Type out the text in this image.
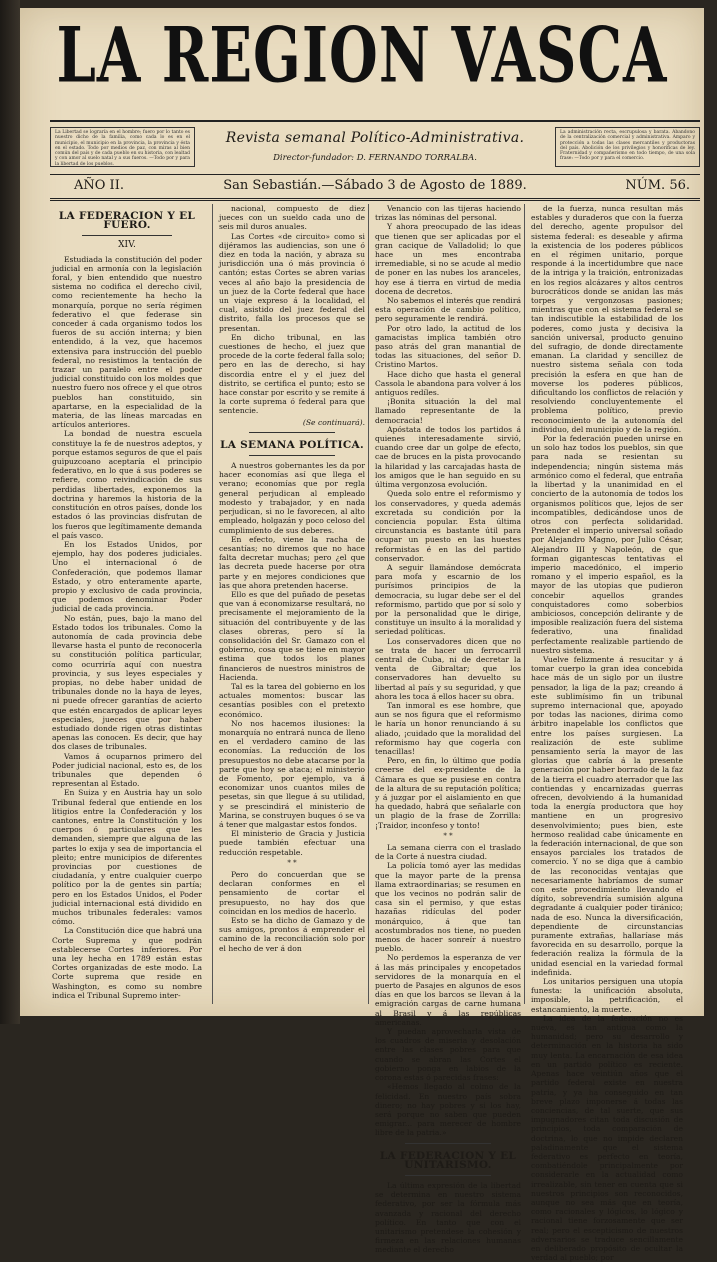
LA REGION VASCA
La Libertad se lograría en el hombre; fuero por lo tanto es nuestro dicho de la familia, como cada lo es en el municipio, el municipio en la provincia, la provincia y ésta en el estado. Todo por medios de paz, con miras al bien común del país y de cada pueblo en su historia, con lealtad y con amor al suelo natal y a sus fueros. —Todo por y para la libertad de los pueblos.
Revista semanal Político-Administrativa.
Director-fundador: D. FERNANDO TORRALBA.
La administración recta, escrupulosa y barata. Abandono de la centralización comercial y administrativa. Amparo y protección a todas las clases mercantiles y productoras del país. Abolición de los privilegios y honorificas de ley. Fraternidad y compañerismo en todo tiempo, de una sola frase: —Todo por y para el comercio.
San Sebastián.—Sábado 3 de Agosto de 1889.
AÑO II.	NÚM. 56.
LA FEDERACION Y EL FUERO.
XIV.

Estudiada la constitución del poder judicial en armonía con la legislación foral, y bien entendido que nuestro sistema no codifica el derecho civil, como recientemente ha hecho la monarquía, porque no sería régimen federativo el que federase sin conceder á cada organismo todos los fueros de su acción interna; y bien entendido, á la vez, que hacemos extensiva para instrucción del pueblo federal, no resistimos la tentación de trazar un paralelo entre el poder judicial constituido con los moldes que nuestro fuero nos ofrece y el que otros pueblos han constituido, sin apartarse, en la especialidad de la materia, de las líneas marcadas en artículos anteriores.

La bondad de nuestra escuela constituye la fe de nuestros adeptos, y porque estamos seguros de que el país guipuzcoano aceptaría el principio federativo, en lo que á sus poderes se refiere, como reivindicación de sus perdidas libertades, exponemos la doctrina y haremos la historia de la constitución en otros países, donde los estados ó las provincias disfrutan de los fueros que legítimamente demanda el país vasco.

En los Estados Unidos, por ejemplo, hay dos poderes judiciales. Uno el internacional ó de Confederación, que podemos llamar Estado, y otro enteramente aparte, propio y exclusivo de cada provincia, que podemos denominar Poder judicial de cada provincia.

No están, pues, bajo la mano del Estado todos los tribunales. Como la autonomía de cada provincia debe llevarse hasta el punto de reconocerla su constitución política particular, como ocurriría aquí con nuestra provincia, y sus leyes especiales y propias, no debe haber unidad de tribunales donde no la haya de leyes, ni puede ofrecer garantías de acierto que estén encargados de aplicar leyes especiales, jueces que por haber estudiado donde rigen otras distintas apenas las conocen. Es decir, que hay dos clases de tribunales.

Vamos á ocuparnos primero del Poder judicial nacional, esto es, de los tribunales que dependen ó representan al Estado.

En Suiza y en Austria hay un solo Tribunal federal que entiende en los litigios entre la Confederación y los cantones, entre la Constitución y los cuerpos ó particulares que les demanden, siempre que alguna de las partes lo exija y sea de importancia el pleito; entre municipios de diferentes provincias por cuestiones de ciudadanía, y entre cualquier cuerpo político por la de gentes sin partía; pero en los Estados Unidos, el Poder judicial internacional está dividido en muchos tribunales federales: vamos cómo.

La Constitución dice que habrá una Corte Suprema y que podrán establecerse Cortes inferiores. Por una ley hecha en 1789 están estas Cortes organizadas de este modo. La Corte suprema que reside en Washington, es como su nombre indica el Tribunal Supremo inter-

nacional, compuesto de diez jueces con un sueldo cada uno de seis mil duros anuales.

Las Cortes «de circuito» como si dijéramos las audiencias, son une ó diez en toda la nación, y abraza su jurisdicción una ó más provincia ó cantón; estas Cortes se abren varias veces al año bajo la presidencia de un juez de la Corte federal que hace un viaje expreso á la localidad, el cual, asistido del juez federal del distrito, falla los procesos que se presentan.

En dicho tribunal, en las cuestiones de hecho, el juez que procede de la corte federal falla solo; pero en las de derecho, si hay discordia entre el y el juez del distrito, se certifica el punto; esto se hace constar por escrito y se remite á la corte suprema ó federal para que sentencie.

(Se continuará).
LA SEMANA POLÍTICA.

A nuestros gobernantes les da por hacer economías así que llega el verano; economías que por regla general perjudican al empleado modesto y trabajador, y en nada perjudican, si no le favorecen, al alto empleado, holgazán y poco celoso del cumplimiento de sus deberes.

En efecto, viene la racha de cesantías; no diremos que no hace falta decretar muchas; pero ¿el que las decreta puede hacerse por otra parte y en mejores condiciones que las que ahora pretenden hacerse.

Ello es que del puñado de pesetas que van á economizarse resultará, no precisamente el mejoramiento de la situación del contribuyente y de las clases obreras, pero sí la consolidación del Sr. Gamazo con el gobierno, cosa que se tiene en mayor estima que todos los planes financieros de nuestros ministros de Hacienda.

Tal es la tarea del gobierno en los actuales momentos: buscar las cesantías posibles con el pretexto económico.

No nos hacemos ilusiones: la monarquía no entrará nunca de lleno en el verdadero camino de las economías. La reducción de los presupuestos no debe atacarse por la parte que hoy se ataca; el ministerio de Fomento, por ejemplo, va á economizar unos cuantos miles de pesetas, sin que llegue á su utilidad, y se prescindirá el ministerio de Marina, se construyen buques ó se va á tener que malgastar estos fondos.

El ministerio de Gracia y Justicia puede también efectuar una reducción respetable.

* *

Pero do concuerdan que se declaran conformes en el pensamiento de cortar el presupuesto, no hay dos que coincidan en los medios de hacerlo.

Esto se ha dicho de Gamazo y de sus amigos, prontos á emprender el camino de la reconciliación solo por el hecho de ver á don

Venancio con las tijeras haciendo trizas las nóminas del personal.

Y ahora preocupado de las ideas que tienen que ser aplicadas por el gran cacique de Valladolid; lo que hace un mes encontraba irremediable, si no se acude al medio de poner en las nubes los aranceles, hoy ese á tierra en virtud de media docena de decretos.

No sabemos el interés que rendirá esta operación de cambio político, pero seguramente le rendirá.

Por otro lado, la actitud de los gamacistas implica también otro paso atrás del gran manantial de todas las situaciones, del señor D. Cristino Martos.

Hace dicho que hasta el general Cassola le abandona para volver á los antiguos redíles.

¡Bonita situación la del mal llamado representante de la democracia!

Apóstata de todos los partidos á quienes interesadamente sirvió, cuando cree dar un golpe de efecto, cae de bruces en la pista provocando la hilaridad y las carcajadas hasta de los amigos que le han seguido en su última vergonzosa evolución.

Queda solo entre el reformismo y los conservadores, y queda además excretada su condición por la conciencia popular. Esta última circunstancia es bastante útil para ocupar un puesto en las huestes reformistas é en las del partido conservador.

A seguir llamándose demócrata para mofa y escarnio de los purísimos principios de la democracia, su lugar debe ser el del reformismo, partido que por sí solo y por la personalidad que le dirige, constituye un insulto á la moralidad y seriedad políticas.

Los conservadores dicen que no se trata de hacer un ferrocarril central de Cuba, ni de decretar la venta de Gibraltar; que los conservadores han devuelto su libertad al país y su seguridad, y que ahora les toca á ellos hacer su obra.

Tan inmoral es ese hombre, que aun se nos figura que el reformismo le haría un honor renunciando á su aliado, ¡cuidado que la moralidad del reformismo hay que cogerla con tenacillas!

Pero, en fin, lo último que podía creerse del ex-presidente de la Cámara es que se pusiese en contra de la altura de su reputación política; y á juzgar por el aislamiento en que ha quedado, habrá que señalarle con un plagio de la frase de Zorrilla: ¡Traidor, inconfeso y tonto!

* *

La semana cierra con el traslado de la Corte á nuestra ciudad.

La policía tomó ayer las medidas que la mayor parte de la prensa llama extraordinarias; se resumen en que los vecinos no podrán salir de casa sin el permiso, y que estas hazañas ridículas del poder monárquico, á que tan acostumbrados nos tiene, no pueden menos de hacer sonreír á nuestro pueblo.

No perdemos la esperanza de ver á las más principales y encopetados servidores de la monarquía en el puerto de Pasajes en algunos de esos días en que los barcos se llevan á la emigración cargas de carne humana al Brasil y á las repúblicas americanas.

Y puedan aprovecharla vista de los cuadros de miseria y desolación entre las clases pobres para que cuando se abran las Cortes el gobierno ponga en labios de la corona estas ó parecidas frases:

«Hemos llegado al colmo de la felicidad. En nuestro país sobra dinero; no hay pobres y si los hay, será porque no saben que pueden emigrar... para merecer de hombre libre de la patria.»

LA FEDERACION Y EL UNITARISMO.

La última expresión de la libertad se determina en nuestro sistema federativo, por ser la fórmula más avanzada y racional del derecho político. En tanto que con el unitarismo pretendese la cohesión y firmeza en las relaciones humanas mediante el derecho

de la fuerza, nunca resultan más estables y duraderos que con la fuerza del derecho, agente propulsor del sistema federal: es deseable y afirma la existencia de los poderes públicos en el régimen unitario, porque responde á la incertidumbre que nace de la intriga y la traición, entronizadas en los regios alcázares y altos centros burocráticos donde se anidan las más torpes y vergonzosas pasiones; mientras que con el sistema federal se tan indiscutible la estabilidad de los poderes, como justa y decisiva la sanción universal, producto genuino del sufragio, de donde directamente emanan. La claridad y sencillez de nuestro sistema señala con toda precisión la esfera en que han de moverse los poderes públicos, dificultando los conflictos de relación y resolviendo concluyentemente el problema político, previo reconocimiento de la autonomía del individuo, del municipio y de la región.

Por la federación pueden unirse en un solo haz todos los pueblos, sin que para nada se resientan su independencia; ningún sistema más armónico como el federal, que entraña la libertad y la unanimidad en el concierto de la autonomía de todos los organismos políticos que, lejos de ser incompatibles, dedicándose unos de otros con perfecta solidaridad. Pretender el imperio universal soñado por Alejandro Magno, por Julio César, Alejandro III y Napoleón, de que forman gigantescas tentativas el imperio macedónico, el imperio romano y el imperio español, es la mayor de las utopias que pudieron concebir aquellos grandes conquistadores como soberbios ambiciosos, concepción delirante y de imposible realización fuera del sistema federativo, una finalidad perfectamente realizable partiendo de nuestro sistema.

Vuelve felizmente á resucitar y á tomar cuerpo la gran idea concebida hace más de un siglo por un ilustre pensador, la liga de la paz; creando á este sublimísimo fin un tribunal supremo internacional que, apoyado por todas las naciones, dirima como árbitro inapelable los conflictos que entre los países surgiesen. La realización de este sublime pensamiento sería la mayor de las glorias que cabría á la presente generación por haber borrado de la faz de la tierra el cuadro aterrador que las contiendas y encarnizadas guerras ofrecen, devolviendo á la humanidad toda la energía productora que hoy mantiene en un progresivo desenvolvimiento; pues bien, este hermoso realidad cabe únicamente en la federación internacional, de que son ensayos parciales los tratados de comercio. Y no se diga que á cambio de las reconocidas ventajas que necesariamente habríamos de sumar con este procedimiento llevando el dígito, sobrevendría sumisión alguna degradante á cualquier poder tiránico; nada de eso. Nunca la diversificación, dependiente de circunstancias puramente extrañas, hallaríase más favorecida en su desarrollo, porque la federación realiza la fórmula de la unidad esencial en la variedad formal indefinida.

Los unitarios persiguen una utopía funesta: la unificación absoluta, imposible, la petrificación, el estancamiento, la muerte.

La idea de la federación no es nueva, es tan antigua como la humanidad; pero su desarrollo y determinación en la historia ha sido muy lenta. La encarnación de esa idea en un partido político es reciente. Apenas hace veintiún años que el partido federal existe en nuestra patria, y ya ha conseguido en tan breve plazo imponerse á todas las conciencias, de tal suerte, que sus impugnadores citan toda discusión de principios, toda comparación de doctrina, lo que no impide declaren paladinamente que el sistema federativo es perfecto en teoría, combatiéndole principalmente por considerarle en la actualidad como irrealizable, sin tener en cuenta que si nuestros principios son reconocidos, aunque no sea más que en teoría, como racionales y lógicos, lo lógico y racional tiene forzosamente que ser real; pero el escepticismo de nuestros adversarios se traduce sencillamente en deliberado propósito de ocultar la verdad al pueblo; por
